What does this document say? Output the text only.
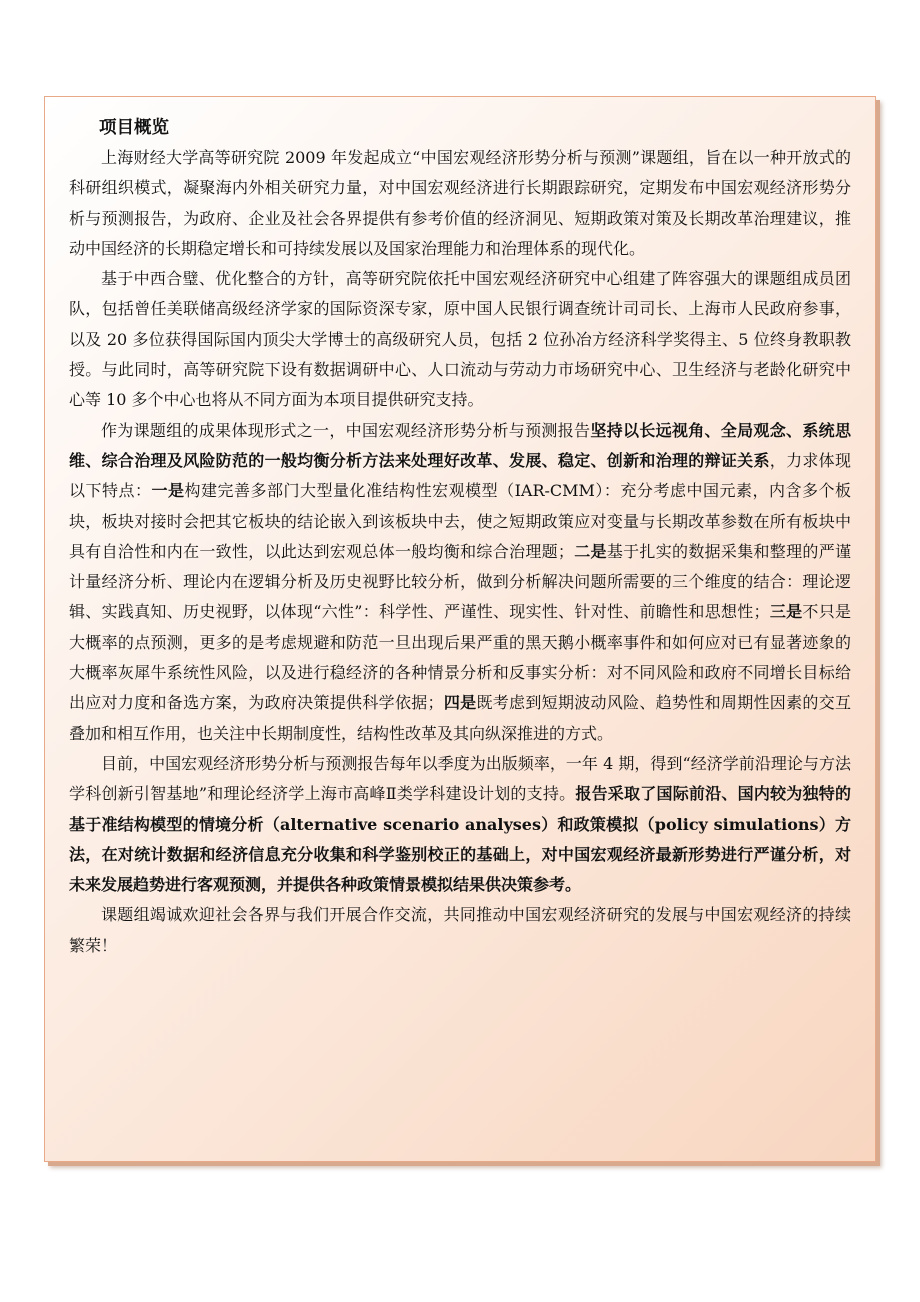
项目概览

上海财经大学高等研究院 2009 年发起成立“中国宏观经济形势分析与预测”课题组，旨在以一种开放式的科研组织模式，凝聚海内外相关研究力量，对中国宏观经济进行长期跟踪研究，定期发布中国宏观经济形势分析与预测报告，为政府、企业及社会各界提供有参考价值的经济洞见、短期政策对策及长期改革治理建议，推动中国经济的长期稳定增长和可持续发展以及国家治理能力和治理体系的现代化。

基于中西合璧、优化整合的方针，高等研究院依托中国宏观经济研究中心组建了阵容强大的课题组成员团队，包括曾任美联储高级经济学家的国际资深专家，原中国人民银行调查统计司司长、上海市人民政府参事，以及 20 多位获得国际国内顶尖大学博士的高级研究人员，包括 2 位孙冶方经济科学奖得主、5 位终身教职教授。与此同时，高等研究院下设有数据调研中心、人口流动与劳动力市场研究中心、卫生经济与老龄化研究中心等 10 多个中心也将从不同方面为本项目提供研究支持。

作为课题组的成果体现形式之一，中国宏观经济形势分析与预测报告坚持以长远视角、全局观念、系统思维、综合治理及风险防范的一般均衡分析方法来处理好改革、发展、稳定、创新和治理的辩证关系，力求体现以下特点：一是构建完善多部门大型量化准结构性宏观模型（IAR-CMM）：充分考虑中国元素，内含多个板块，板块对接时会把其它板块的结论嵌入到该板块中去，使之短期政策应对变量与长期改革参数在所有板块中具有自洽性和内在一致性，以此达到宏观总体一般均衡和综合治理题；二是基于扎实的数据采集和整理的严谨计量经济分析、理论内在逻辑分析及历史视野比较分析，做到分析解决问题所需要的三个维度的结合：理论逻辑、实践真知、历史视野，以体现“六性”：科学性、严谨性、现实性、针对性、前瞻性和思想性；三是不只是大概率的点预测，更多的是考虑规避和防范一旦出现后果严重的黑天鹅小概率事件和如何应对已有显著迹象的大概率灰犀牛系统性风险，以及进行稳经济的各种情景分析和反事实分析：对不同风险和政府不同增长目标给出应对力度和备选方案，为政府决策提供科学依据；四是既考虑到短期波动风险、趋势性和周期性因素的交互叠加和相互作用，也关注中长期制度性，结构性改革及其向纵深推进的方式。

目前，中国宏观经济形势分析与预测报告每年以季度为出版频率，一年 4 期，得到“经济学前沿理论与方法学科创新引智基地”和理论经济学上海市高峰Ⅱ类学科建设计划的支持。报告采取了国际前沿、国内较为独特的基于准结构模型的情境分析（alternative scenario analyses）和政策模拟（policy simulations）方法，在对统计数据和经济信息充分收集和科学鉴别校正的基础上，对中国宏观经济最新形势进行严谨分析，对未来发展趋势进行客观预测，并提供各种政策情景模拟结果供决策参考。

课题组竭诚欢迎社会各界与我们开展合作交流，共同推动中国宏观经济研究的发展与中国宏观经济的持续繁荣！
